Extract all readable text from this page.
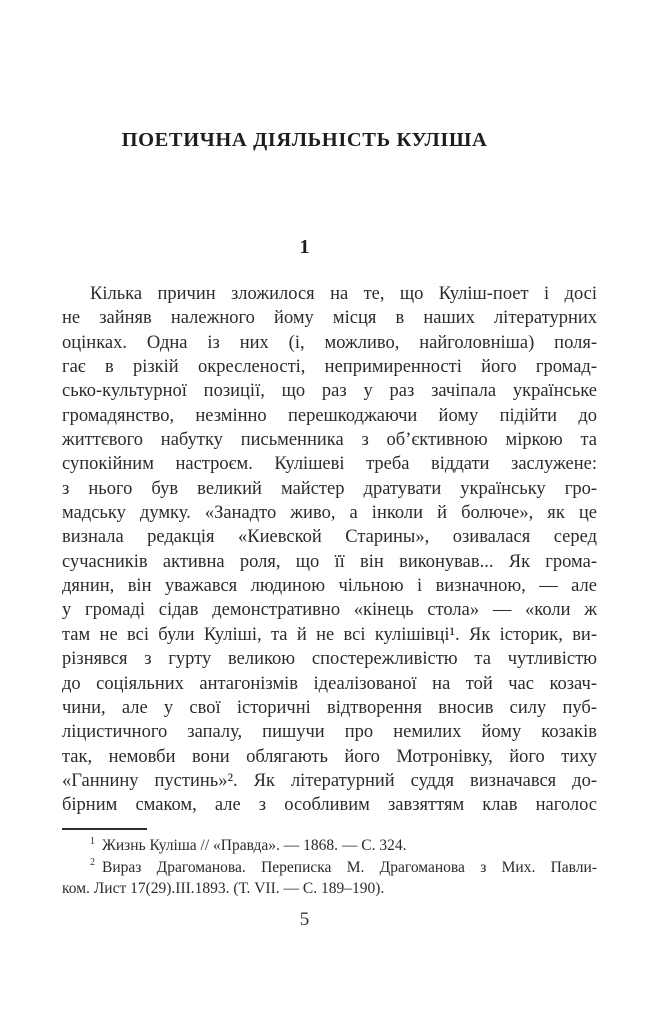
ПОЕТИЧНА ДІЯЛЬНІСТЬ КУЛІША
1
Кілька причин зложилося на те, що Куліш-поет і досі
не зайняв належного йому місця в наших літературних
оцінках. Одна із них (і, можливо, найголовніша) поля-
гає в різкій окресленості, непримиренності його громад-
сько-культурної позиції, що раз у раз зачіпала українське
громадянство, незмінно перешкоджаючи йому підійти до
життєвого набутку письменника з об’єктивною міркою та
супокійним настроєм. Кулішеві треба віддати заслужене:
з нього був великий майстер дратувати українську гро-
мадську думку. «Занадто живо, а інколи й болюче», як це
визнала редакція «Киевской Старины», озивалася серед
сучасників активна роля, що її він виконував... Як грома-
дянин, він уважався людиною чільною і визначною, — але
у громаді сідав демонстративно «кінець стола» — «коли ж
там не всі були Куліші, та й не всі кулішівці¹. Як історик, ви-
різнявся з гурту великою спостережливістю та чутливістю
до соціяльних антагонізмів ідеалізованої на той час козач-
чини, але у свої історичні відтворення вносив силу пуб-
ліцистичного запалу, пишучи про немилих йому козаків
так, немовби вони облягають його Мотронівку, його тиху
«Ганнину пустинь»². Як літературний суддя визначався до-
бірним смаком, але з особливим завзяттям клав наголос
$^1$ Жизнь Куліша // «Правда». — 1868. — С. 324.
$^2$ Вираз Драгоманова. Переписка М. Драгоманова з Мих. Павли-
ком. Лист 17(29).III.1893. (Т. VII. — С. 189–190).
5
